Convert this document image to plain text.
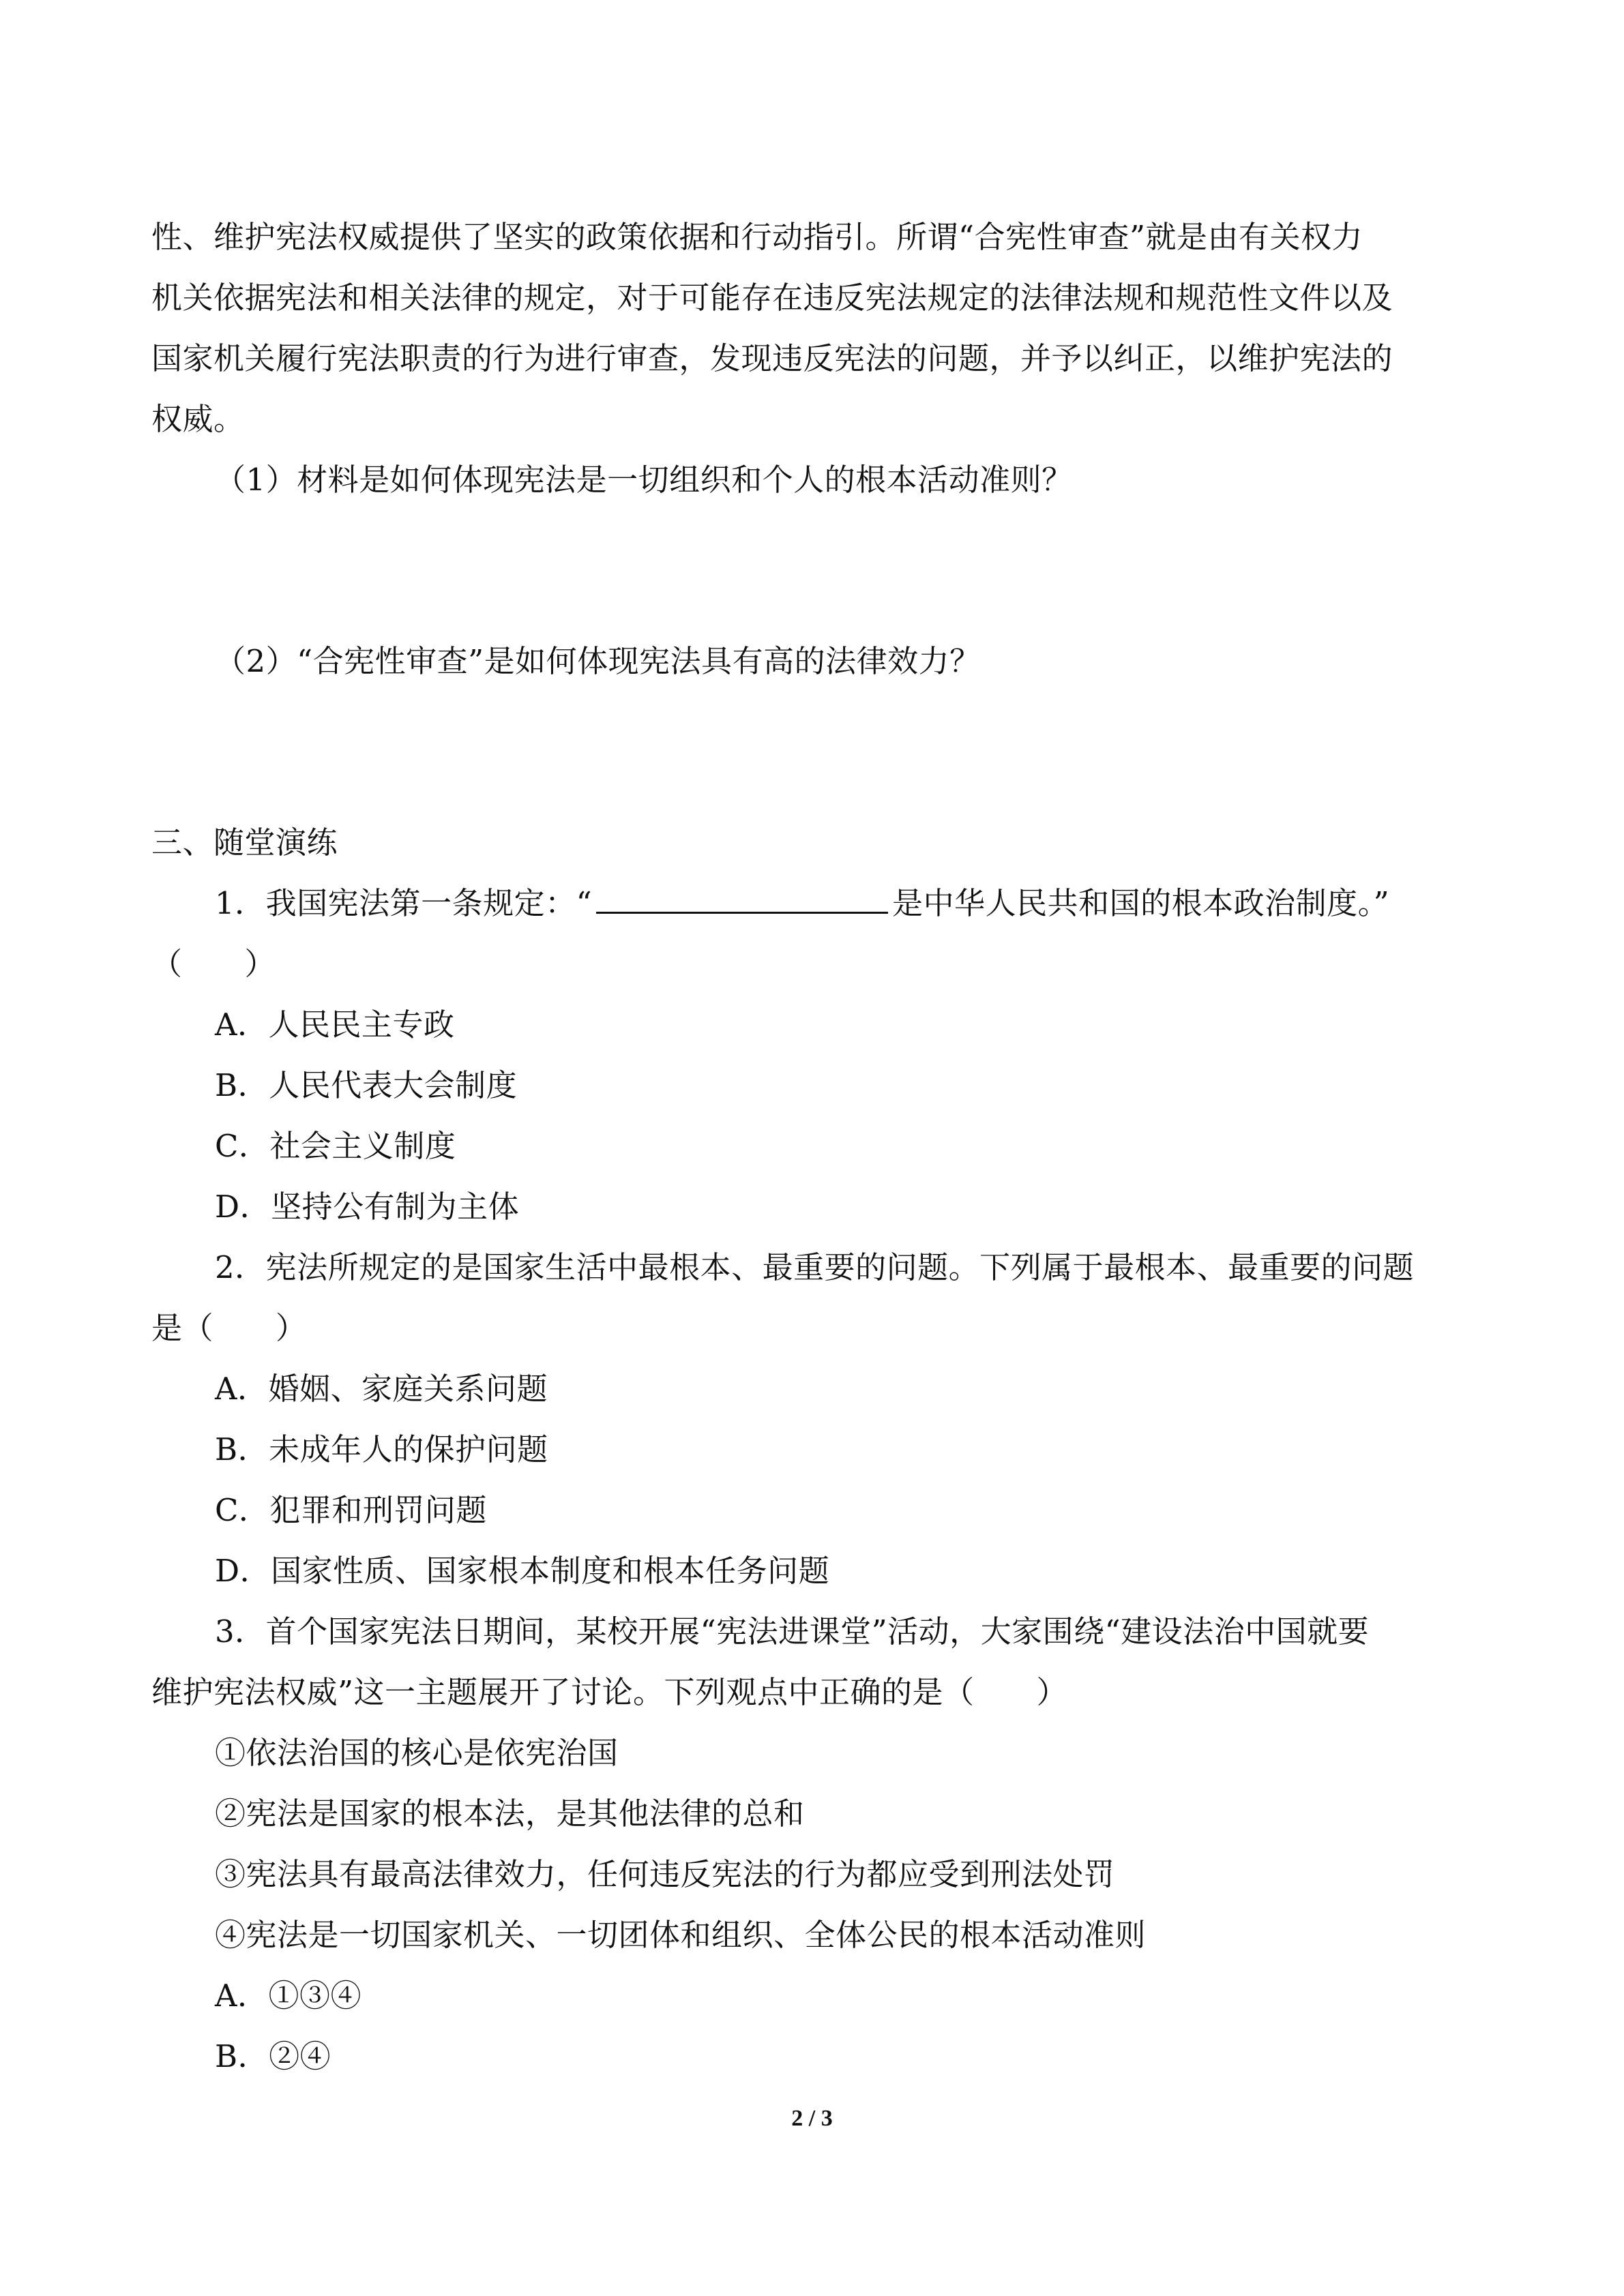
性、维护宪法权威提供了坚实的政策依据和行动指引。所谓“合宪性审查”就是由有关权力
机关依据宪法和相关法律的规定，对于可能存在违反宪法规定的法律法规和规范性文件以及
国家机关履行宪法职责的行为进行审查，发现违反宪法的问题，并予以纠正，以维护宪法的
权威。
（1）材料是如何体现宪法是一切组织和个人的根本活动准则？
（2）“合宪性审查”是如何体现宪法具有高的法律效力？
三、随堂演练
1．我国宪法第一条规定：“	是中华人民共和国的根本政治制度。”
（　　）
A．人民民主专政
B．人民代表大会制度
C．社会主义制度
D．坚持公有制为主体
2．宪法所规定的是国家生活中最根本、最重要的问题。下列属于最根本、最重要的问题
是（　　）
A．婚姻、家庭关系问题
B．未成年人的保护问题
C．犯罪和刑罚问题
D．国家性质、国家根本制度和根本任务问题
3．首个国家宪法日期间，某校开展“宪法进课堂”活动，大家围绕“建设法治中国就要
维护宪法权威”这一主题展开了讨论。下列观点中正确的是（　　）
①依法治国的核心是依宪治国
②宪法是国家的根本法，是其他法律的总和
③宪法具有最高法律效力，任何违反宪法的行为都应受到刑法处罚
④宪法是一切国家机关、一切团体和组织、全体公民的根本活动准则
A．①③④
B．②④
2 / 3
